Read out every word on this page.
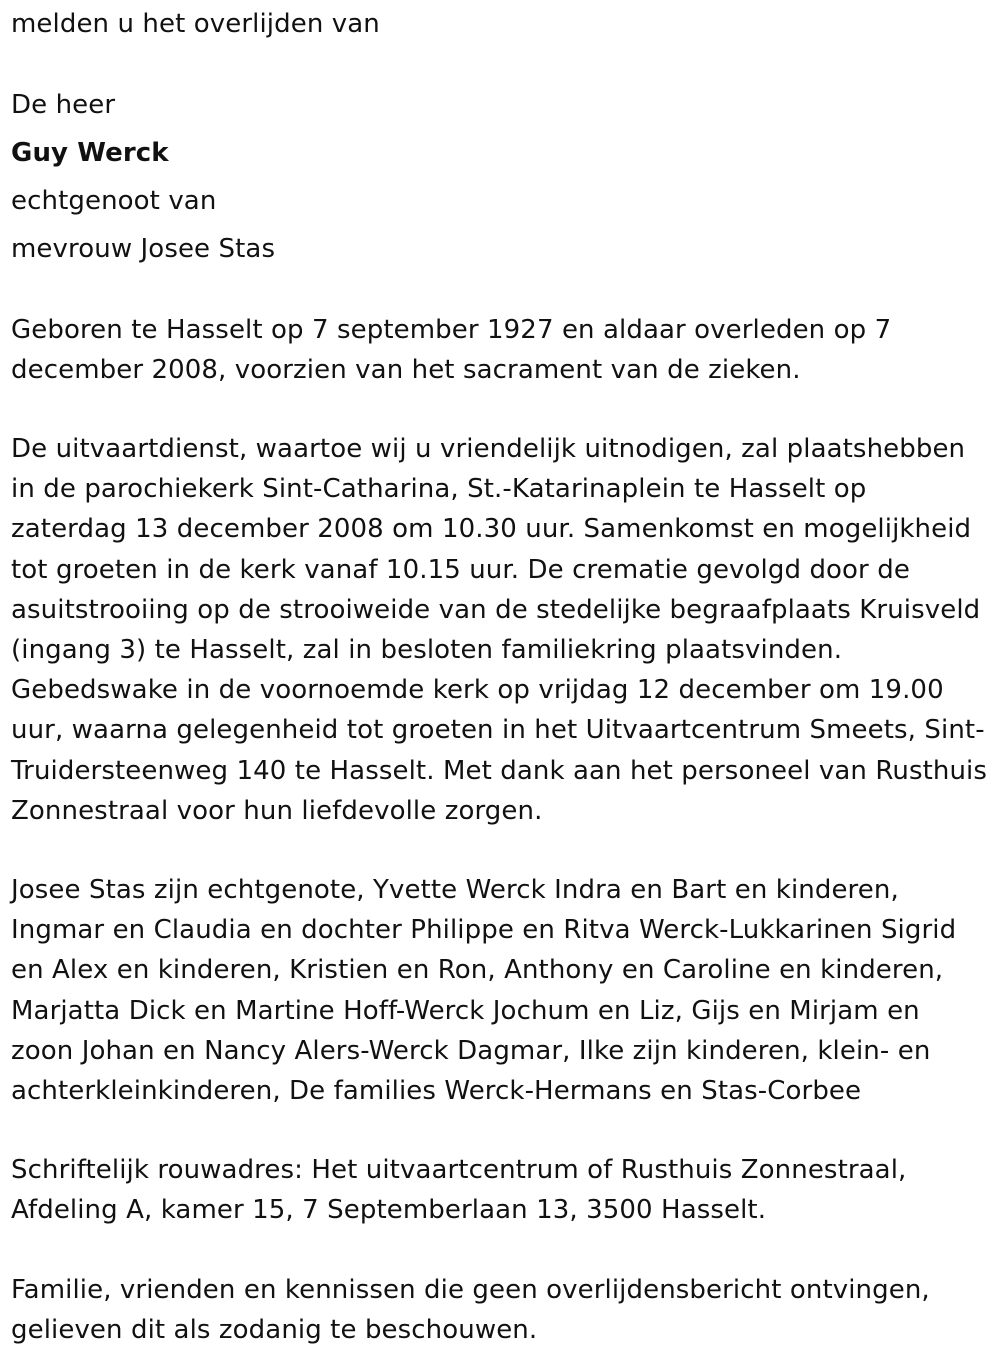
melden u het overlijden van
De heer
Guy Werck
echtgenoot van
mevrouw Josee Stas

Geboren te Hasselt op 7 september 1927 en aldaar overleden op 7 december 2008, voorzien van het sacrament van de zieken.

De uitvaartdienst, waartoe wij u vriendelijk uitnodigen, zal plaatshebben in de parochiekerk Sint-Catharina, St.-Katarinaplein te Hasselt op zaterdag 13 december 2008 om 10.30 uur. Samenkomst en mogelijkheid tot groeten in de kerk vanaf 10.15 uur. De crematie gevolgd door de asuitstrooiing op de strooiweide van de stedelijke begraafplaats Kruisveld (ingang 3) te Hasselt, zal in besloten familiekring plaatsvinden. Gebedswake in de voornoemde kerk op vrijdag 12 december om 19.00 uur, waarna gelegenheid tot groeten in het Uitvaartcentrum Smeets, Sint-Truidersteenweg 140 te Hasselt. Met dank aan het personeel van Rusthuis Zonnestraal voor hun liefdevolle zorgen.

Josee Stas zijn echtgenote, Yvette Werck Indra en Bart en kinderen, Ingmar en Claudia en dochter Philippe en Ritva Werck-Lukkarinen Sigrid en Alex en kinderen, Kristien en Ron, Anthony en Caroline en kinderen, Marjatta Dick en Martine Hoff-Werck Jochum en Liz, Gijs en Mirjam en zoon Johan en Nancy Alers-Werck Dagmar, Ilke zijn kinderen, klein- en achterkleinkinderen, De families Werck-Hermans en Stas-Corbee

Schriftelijk rouwadres: Het uitvaartcentrum of Rusthuis Zonnestraal, Afdeling A, kamer 15, 7 Septemberlaan 13, 3500 Hasselt.

Familie, vrienden en kennissen die geen overlijdensbericht ontvingen, gelieven dit als zodanig te beschouwen.
